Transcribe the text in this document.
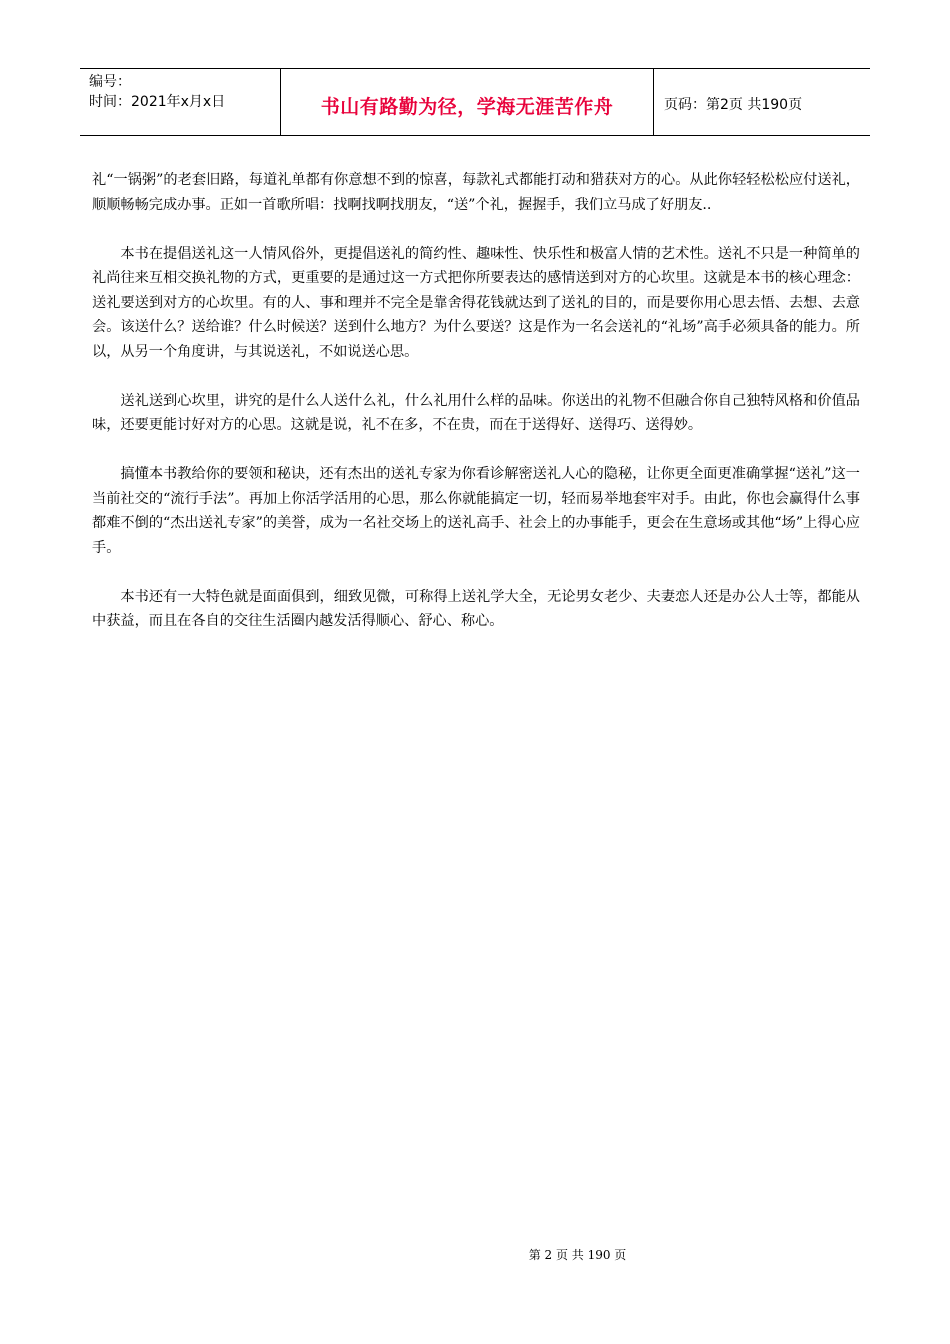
编号：
时间：2021年x月x日	书山有路勤为径，学海无涯苦作舟	页码：第2页 共190页

礼“一锅粥”的老套旧路，每道礼单都有你意想不到的惊喜，每款礼式都能打动和猎获对方的心。从此你轻轻松松应付送礼，顺顺畅畅完成办事。正如一首歌所唱：找啊找啊找朋友，“送”个礼，握握手，我们立马成了好朋友..

本书在提倡送礼这一人情风俗外，更提倡送礼的简约性、趣味性、快乐性和极富人情的艺术性。送礼不只是一种简单的礼尚往来互相交换礼物的方式，更重要的是通过这一方式把你所要表达的感情送到对方的心坎里。这就是本书的核心理念：送礼要送到对方的心坎里。有的人、事和理并不完全是靠舍得花钱就达到了送礼的目的，而是要你用心思去悟、去想、去意会。该送什么？送给谁？什么时候送？送到什么地方？为什么要送？这是作为一名会送礼的“礼场”高手必须具备的能力。所以，从另一个角度讲，与其说送礼，不如说送心思。

送礼送到心坎里，讲究的是什么人送什么礼，什么礼用什么样的品味。你送出的礼物不但融合你自己独特风格和价值品味，还要更能讨好对方的心思。这就是说，礼不在多，不在贵，而在于送得好、送得巧、送得妙。

搞懂本书教给你的要领和秘诀，还有杰出的送礼专家为你看诊解密送礼人心的隐秘，让你更全面更准确掌握“送礼”这一当前社交的“流行手法”。再加上你活学活用的心思，那么你就能搞定一切，轻而易举地套牢对手。由此，你也会赢得什么事都难不倒的“杰出送礼专家”的美誉，成为一名社交场上的送礼高手、社会上的办事能手，更会在生意场或其他“场”上得心应手。

本书还有一大特色就是面面俱到，细致见微，可称得上送礼学大全，无论男女老少、夫妻恋人还是办公人士等，都能从中获益，而且在各自的交往生活圈内越发活得顺心、舒心、称心。

第 2 页 共 190 页
